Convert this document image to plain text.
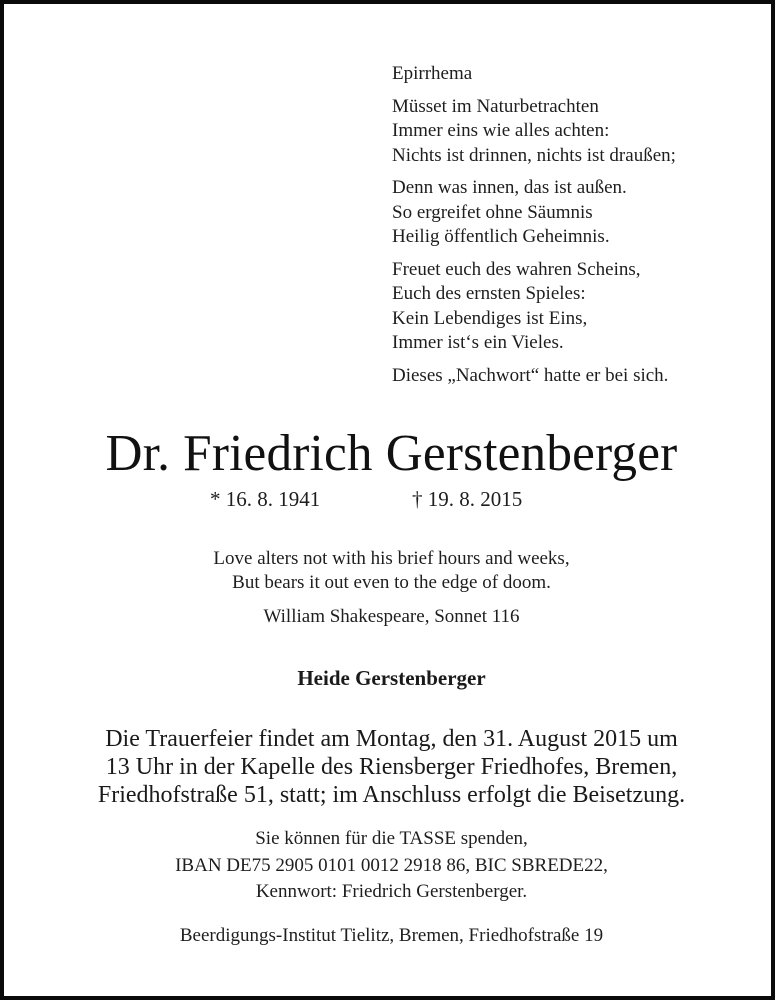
Epirrhema
Müsset im Naturbetrachten
Immer eins wie alles achten:
Nichts ist drinnen, nichts ist draußen;
Denn was innen, das ist außen.
So ergreifet ohne Säumnis
Heilig öffentlich Geheimnis.
Freuet euch des wahren Scheins,
Euch des ernsten Spieles:
Kein Lebendiges ist Eins,
Immer ist‘s ein Vieles.
Dieses „Nachwort“ hatte er bei sich.
Dr. Friedrich Gerstenberger
* 16. 8. 1941	† 19. 8. 2015
Love alters not with his brief hours and weeks,
But bears it out even to the edge of doom.
William Shakespeare, Sonnet 116
Heide Gerstenberger
Die Trauerfeier findet am Montag, den 31. August 2015 um
13 Uhr in der Kapelle des Riensberger Friedhofes, Bremen,
Friedhofstraße 51, statt; im Anschluss erfolgt die Beisetzung.
Sie können für die TASSE spenden,
IBAN DE75 2905 0101 0012 2918 86, BIC SBREDE22,
Kennwort: Friedrich Gerstenberger.
Beerdigungs-Institut Tielitz, Bremen, Friedhofstraße 19
